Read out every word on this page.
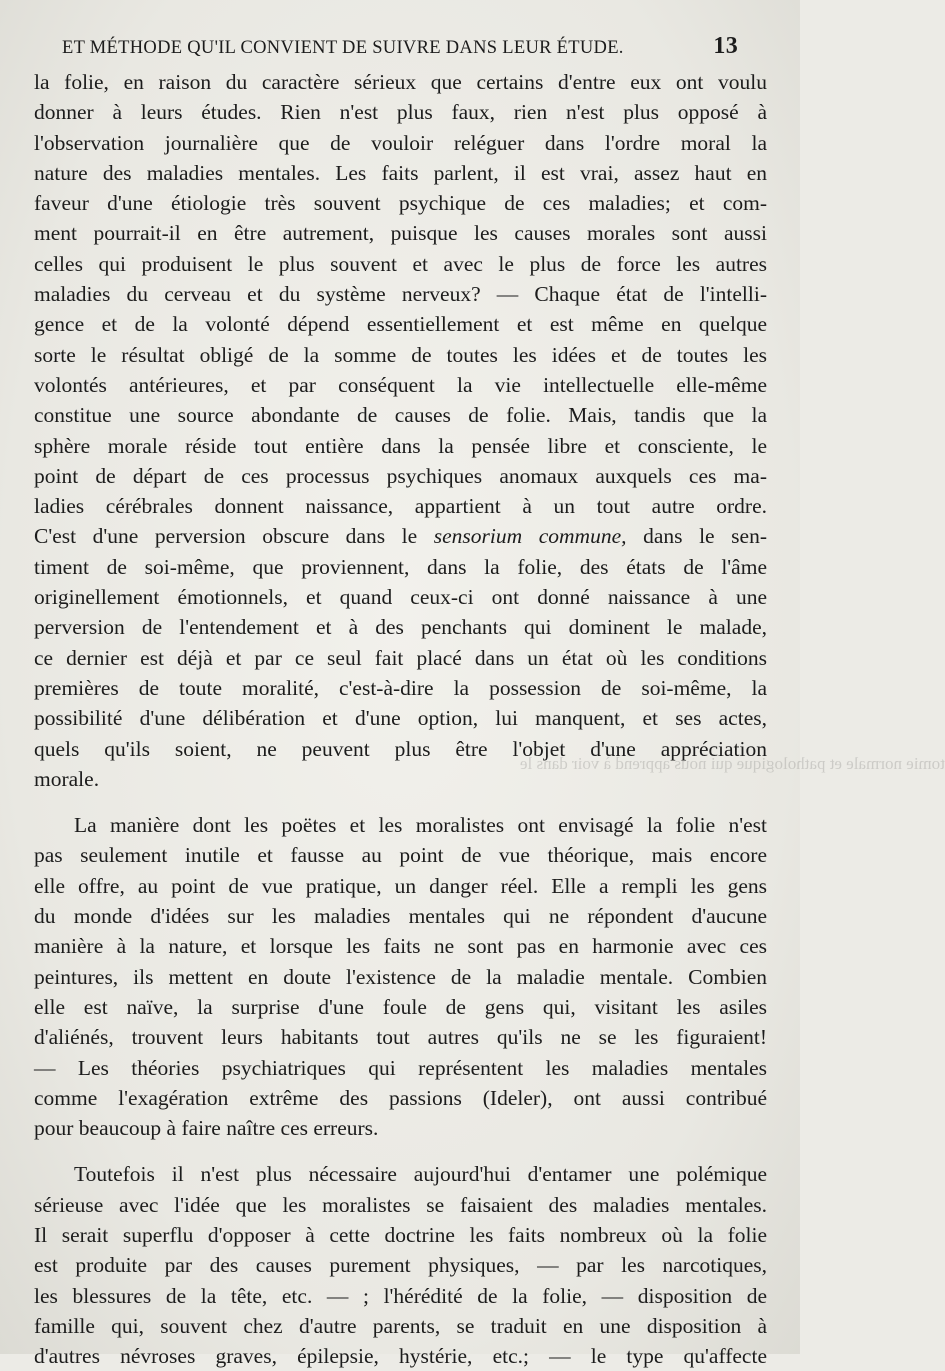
ET MÉTHODE QU'IL CONVIENT DE SUIVRE DANS LEUR ÉTUDE.	13
tomie normale et pathologique qui nous apprend à voir dans le
la folie, en raison du caractère sérieux que certains d'entre eux ont voulu
donner à leurs études. Rien n'est plus faux, rien n'est plus opposé à
l'observation journalière que de vouloir reléguer dans l'ordre moral la
nature des maladies mentales. Les faits parlent, il est vrai, assez haut en
faveur d'une étiologie très souvent psychique de ces maladies; et com-
ment pourrait-il en être autrement, puisque les causes morales sont aussi
celles qui produisent le plus souvent et avec le plus de force les autres
maladies du cerveau et du système nerveux? — Chaque état de l'intelli-
gence et de la volonté dépend essentiellement et est même en quelque
sorte le résultat obligé de la somme de toutes les idées et de toutes les
volontés antérieures, et par conséquent la vie intellectuelle elle-même
constitue une source abondante de causes de folie. Mais, tandis que la
sphère morale réside tout entière dans la pensée libre et consciente, le
point de départ de ces processus psychiques anomaux auxquels ces ma-
ladies cérébrales donnent naissance, appartient à un tout autre ordre.
C'est d'une perversion obscure dans le sensorium commune, dans le sen-
timent de soi-même, que proviennent, dans la folie, des états de l'âme
originellement émotionnels, et quand ceux-ci ont donné naissance à une
perversion de l'entendement et à des penchants qui dominent le malade,
ce dernier est déjà et par ce seul fait placé dans un état où les conditions
premières de toute moralité, c'est-à-dire la possession de soi-même, la
possibilité d'une délibération et d'une option, lui manquent, et ses actes,
quels qu'ils soient, ne peuvent plus être l'objet d'une appréciation
morale.
La manière dont les poëtes et les moralistes ont envisagé la folie n'est
pas seulement inutile et fausse au point de vue théorique, mais encore
elle offre, au point de vue pratique, un danger réel. Elle a rempli les gens
du monde d'idées sur les maladies mentales qui ne répondent d'aucune
manière à la nature, et lorsque les faits ne sont pas en harmonie avec ces
peintures, ils mettent en doute l'existence de la maladie mentale. Combien
elle est naïve, la surprise d'une foule de gens qui, visitant les asiles
d'aliénés, trouvent leurs habitants tout autres qu'ils ne se les figuraient!
— Les théories psychiatriques qui représentent les maladies mentales
comme l'exagération extrême des passions (Ideler), ont aussi contribué
pour beaucoup à faire naître ces erreurs.
Toutefois il n'est plus nécessaire aujourd'hui d'entamer une polémique
sérieuse avec l'idée que les moralistes se faisaient des maladies mentales.
Il serait superflu d'opposer à cette doctrine les faits nombreux où la folie
est produite par des causes purement physiques, — par les narcotiques,
les blessures de la tête, etc. — ; l'hérédité de la folie, — disposition de
famille qui, souvent chez d'autre parents, se traduit en une disposition à
d'autres névroses graves, épilepsie, hystérie, etc.; — le type qu'affecte
